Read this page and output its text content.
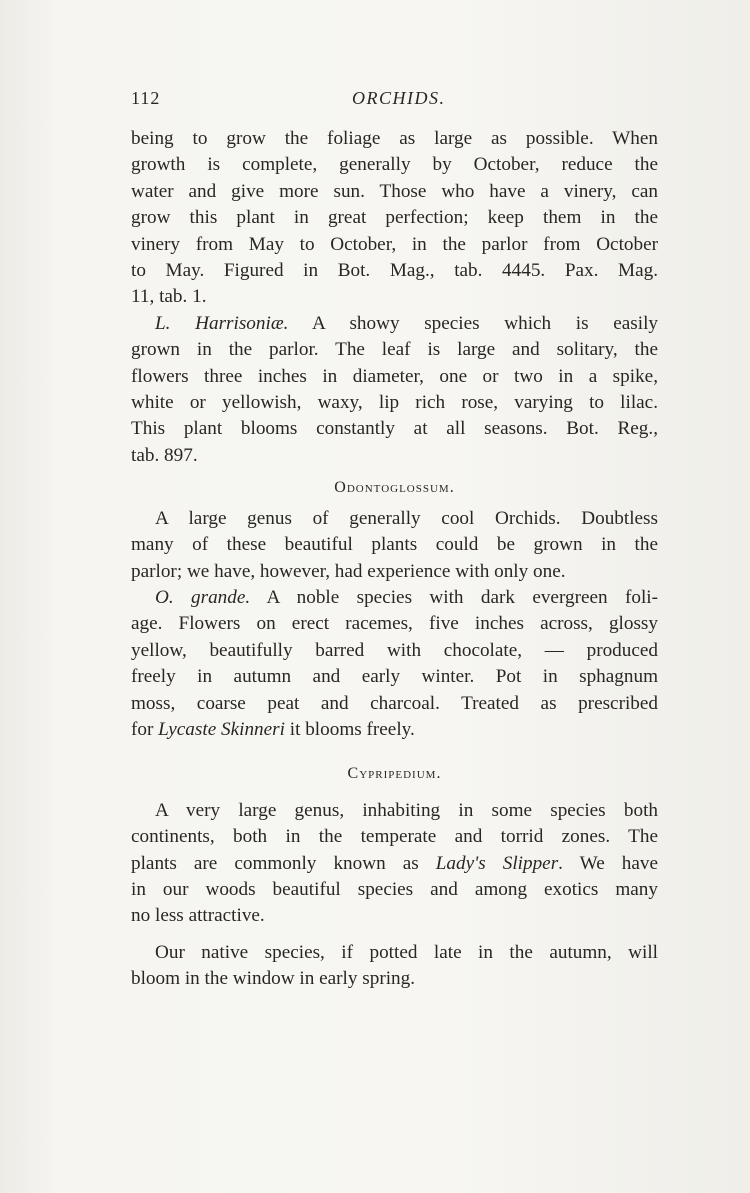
112	ORCHIDS.
being to grow the foliage as large as possible. When
growth is complete, generally by October, reduce the
water and give more sun. Those who have a vinery, can
grow this plant in great perfection; keep them in the
vinery from May to October, in the parlor from October
to May. Figured in Bot. Mag., tab. 4445. Pax. Mag.
11, tab. 1.
L. Harrisoniæ. A showy species which is easily
grown in the parlor. The leaf is large and solitary, the
flowers three inches in diameter, one or two in a spike,
white or yellowish, waxy, lip rich rose, varying to lilac.
This plant blooms constantly at all seasons. Bot. Reg.,
tab. 897.
Odontoglossum.
A large genus of generally cool Orchids. Doubtless
many of these beautiful plants could be grown in the
parlor; we have, however, had experience with only one.
O. grande. A noble species with dark evergreen foli-
age. Flowers on erect racemes, five inches across, glossy
yellow, beautifully barred with chocolate, — produced
freely in autumn and early winter. Pot in sphagnum
moss, coarse peat and charcoal. Treated as prescribed
for Lycaste Skinneri it blooms freely.
Cypripedium.
A very large genus, inhabiting in some species both
continents, both in the temperate and torrid zones. The
plants are commonly known as Lady's Slipper. We have
in our woods beautiful species and among exotics many
no less attractive.
Our native species, if potted late in the autumn, will
bloom in the window in early spring.
